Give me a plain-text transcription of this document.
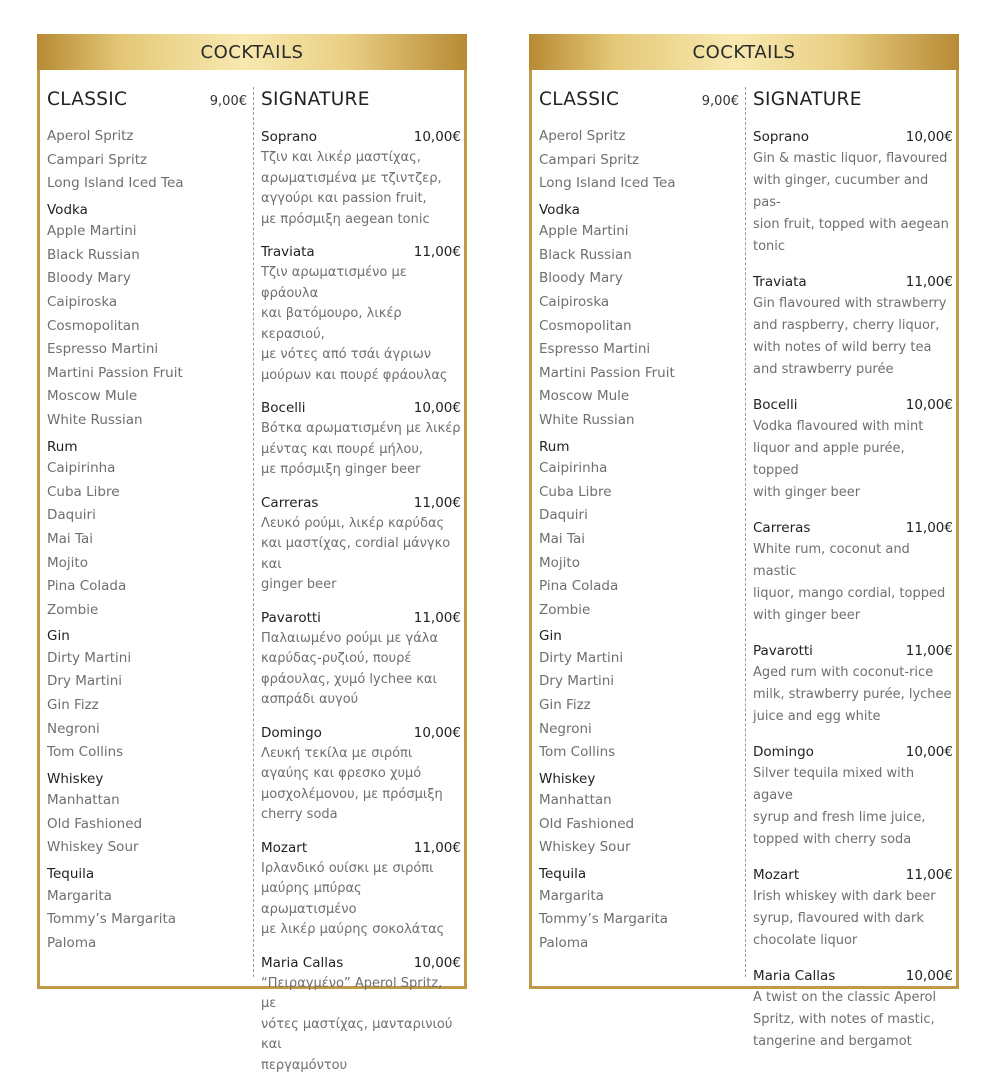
COCKTAILS
CLASSIC	9,00€
Aperol Spritz
Campari Spritz
Long Island Iced Tea
Vodka
Apple Martini
Black Russian
Bloody Mary
Caipiroska
Cosmopolitan
Espresso Martini
Martini Passion Fruit
Moscow Mule
White Russian
Rum
Caipirinha
Cuba Libre
Daquiri
Mai Tai
Mojito
Pina Colada
Zombie
Gin
Dirty Martini
Dry Martini
Gin Fizz
Negroni
Tom Collins
Whiskey
Manhattan
Old Fashioned
Whiskey Sour
Tequila
Margarita
Tommy’s Margarita
Paloma
SIGNATURE
Soprano	10,00€
Τζιν και λικέρ μαστίχας,
αρωματισμένα με τζιντζερ,
αγγούρι και passion fruit,
με πρόσμιξη aegean tonic
Traviata	11,00€
Τζιν αρωματισμένο με φράουλα
και βατόμουρο, λικέρ κερασιού,
με νότες από τσάι άγριων
μούρων και πουρέ φράουλας
Bocelli	10,00€
Βότκα αρωματισμένη με λικέρ
μέντας και πουρέ μήλου,
με πρόσμιξη ginger beer
Carreras	11,00€
Λευκό ρούμι, λικέρ καρύδας
και μαστίχας, cordial μάνγκο και
ginger beer
Pavarotti	11,00€
Παλαιωμένο ρούμι με γάλα
καρύδας-ρυζιού, πουρέ
φράουλας, χυμό lychee και
ασπράδι αυγού
Domingo	10,00€
Λευκή τεκίλα με σιρόπι
αγαύης και φρεσκο χυμό
μοσχολέμονου, με πρόσμιξη
cherry soda
Mozart	11,00€
Ιρλανδικό ουίσκι με σιρόπι
μαύρης μπύρας αρωματισμένο
με λικέρ μαύρης σοκολάτας
Maria Callas	10,00€
“Πειραγμένο” Aperol Spritz, με
νότες μαστίχας, μανταρινιού και
περγαμόντου
COCKTAILS
CLASSIC	9,00€
Aperol Spritz
Campari Spritz
Long Island Iced Tea
Vodka
Apple Martini
Black Russian
Bloody Mary
Caipiroska
Cosmopolitan
Espresso Martini
Martini Passion Fruit
Moscow Mule
White Russian
Rum
Caipirinha
Cuba Libre
Daquiri
Mai Tai
Mojito
Pina Colada
Zombie
Gin
Dirty Martini
Dry Martini
Gin Fizz
Negroni
Tom Collins
Whiskey
Manhattan
Old Fashioned
Whiskey Sour
Tequila
Margarita
Tommy’s Margarita
Paloma
SIGNATURE
Soprano	10,00€
Gin & mastic liquor, flavoured
with ginger, cucumber and pas-
sion fruit, topped with aegean
tonic
Traviata	11,00€
Gin flavoured with strawberry
and raspberry, cherry liquor,
with notes of wild berry tea
and strawberry purée
Bocelli	10,00€
Vodka flavoured with mint
liquor and apple purée, topped
with ginger beer
Carreras	11,00€
White rum, coconut and mastic
liquor, mango cordial, topped
with ginger beer
Pavarotti	11,00€
Aged rum with coconut-rice
milk, strawberry purée, lychee
juice and egg white
Domingo	10,00€
Silver tequila mixed with agave
syrup and fresh lime juice,
topped with cherry soda
Mozart	11,00€
Irish whiskey with dark beer
syrup, flavoured with dark
chocolate liquor
Maria Callas	10,00€
A twist on the classic Aperol
Spritz, with notes of mastic,
tangerine and bergamot
